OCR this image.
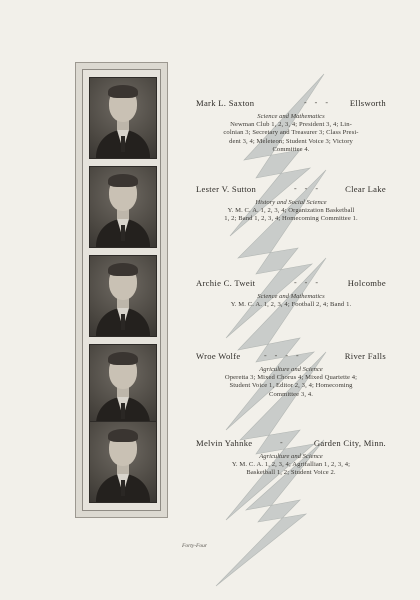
Mark L. Saxton	- - - Ellsworth
Science and Mathematics
Newman Club 1, 2, 3, 4; President 3, 4; Lin-
colnian 3; Secretary and Treasurer 3; Class Presi-
dent 3, 4; Meleteon; Student Voice 3; Victory
Committee 4.
Lester V. Sutton	- - -	Clear Lake
History and Social Science
Y. M. C. A. 1, 2, 3, 4; Organization Basketball
1, 2; Band 1, 2, 3, 4; Homecoming Committee 1.
Archie C. Tweit	- - -	Holcombe
Science and Mathematics
Y. M. C. A. 1, 2, 3, 4; Football 2, 4; Band 1.
Wroe Wolfe	- - - -	River Falls
Agriculture and Science
Operetta 3; Mixed Chorus 4; Mixed Quartette 4;
Student Voice 1, Editor 2, 3, 4; Homecoming
Committee 3, 4.
Melvin Yahnke	-	Garden City, Minn.
Agriculture and Science
Y. M. C. A. 1, 2, 3, 4; Agrifallian 1, 2, 3, 4;
Basketball 1, 2; Student Voice 2.
Forty-Four
